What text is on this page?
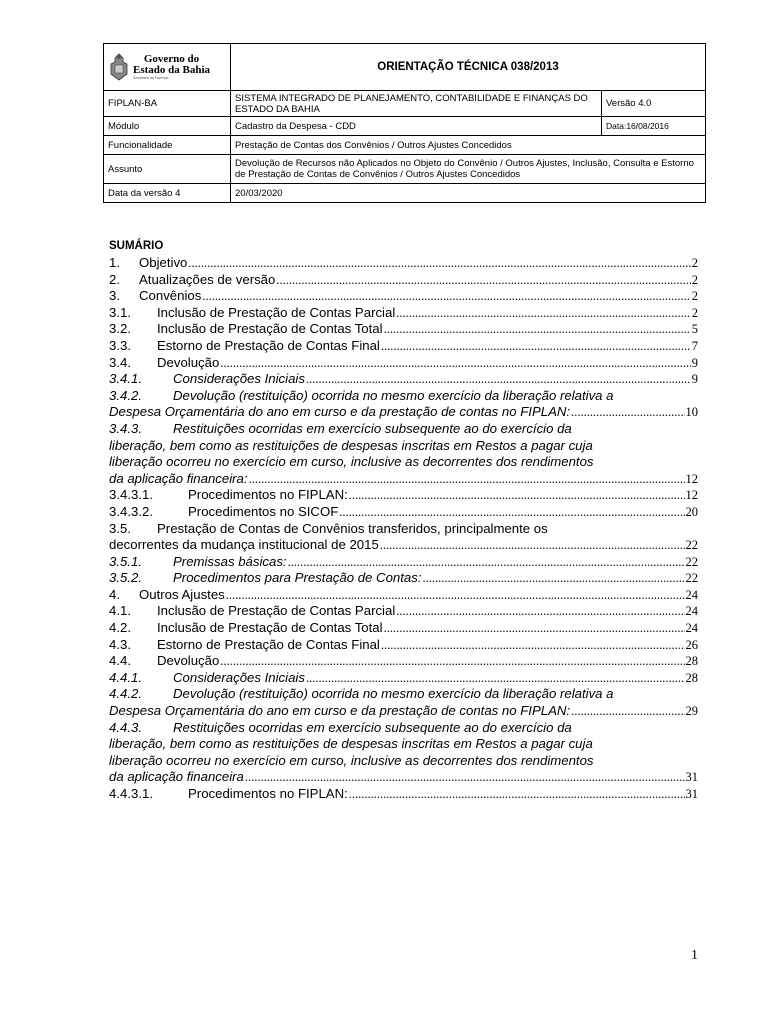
Governo do
Estado da Bahia
Secretaria da Fazenda	ORIENTAÇÃO TÉCNICA 038/2013	
FIPLAN-BA	SISTEMA INTEGRADO DE PLANEJAMENTO, CONTABILIDADE E FINANÇAS DO ESTADO DA BAHIA	Versão 4.0
Módulo	Cadastro da Despesa - CDD	Data:16/08/2016
Funcionalidade	Prestação de Contas dos Convênios / Outros Ajustes Concedidos	
Assunto	Devolução de Recursos não Aplicados no Objeto do Convênio / Outros Ajustes, Inclusão, Consulta e Estorno de Prestação de Contas de Convênios / Outros Ajustes Concedidos	
Data da versão 4	20/03/2020	
SUMÁRIO
1.	Objetivo .....	2
2.	Atualizações de versão .....	2
3.	Convênios .....	2
3.1.	Inclusão de Prestação de Contas Parcial .....	2
3.2.	Inclusão de Prestação de Contas Total .....	5
3.3.	Estorno de Prestação de Contas Final .....	7
3.4.	Devolução .....	9
3.4.1.	Considerações Iniciais .....	9
3.4.2.	Devolução (restituição) ocorrida no mesmo exercício da liberação relativa a
Despesa Orçamentária do ano em curso e da prestação de contas no FIPLAN: .....	10
3.4.3.	Restituições ocorridas em exercício subsequente ao do exercício da
liberação, bem como as restituições de despesas inscritas em Restos a pagar cuja
liberação ocorreu no exercício em curso, inclusive as decorrentes dos rendimentos
da aplicação financeira: .....	12
3.4.3.1.	Procedimentos no FIPLAN: .....	12
3.4.3.2.	Procedimentos no SICOF .....	20
3.5.	Prestação de Contas de Convênios transferidos, principalmente os
decorrentes da mudança institucional de 2015 .....	22
3.5.1.	Premissas básicas: .....	22
3.5.2.	Procedimentos para Prestação de Contas: .....	22
4.	Outros Ajustes .....	24
4.1.	Inclusão de Prestação de Contas Parcial .....	24
4.2.	Inclusão de Prestação de Contas Total .....	24
4.3.	Estorno de Prestação de Contas Final .....	26
4.4.	Devolução .....	28
4.4.1.	Considerações Iniciais .....	28
4.4.2.	Devolução (restituição) ocorrida no mesmo exercício da liberação relativa a
Despesa Orçamentária do ano em curso e da prestação de contas no FIPLAN: .....	29
4.4.3.	Restituições ocorridas em exercício subsequente ao do exercício da
liberação, bem como as restituições de despesas inscritas em Restos a pagar cuja
liberação ocorreu no exercício em curso, inclusive as decorrentes dos rendimentos
da aplicação financeira .....	31
4.4.3.1.	Procedimentos no FIPLAN: .....	31
1
